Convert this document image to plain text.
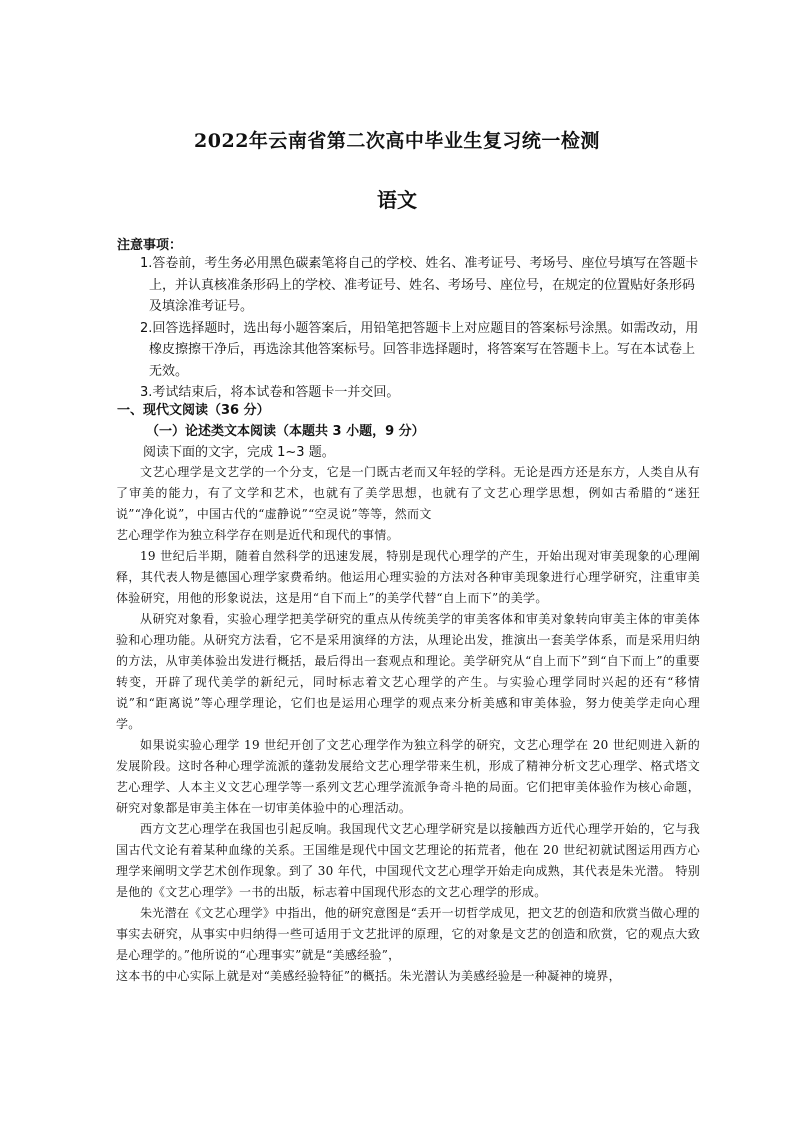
2022年云南省第二次高中毕业生复习统一检测
语文
注意事项：
1.答卷前，考生务必用黑色碳素笔将自己的学校、姓名、准考证号、考场号、座位号填写在答题卡上，并认真核准条形码上的学校、准考证号、姓名、考场号、座位号，在规定的位置贴好条形码及填涂准考证号。
2.回答选择题时，选出每小题答案后，用铅笔把答题卡上对应题目的答案标号涂黑。如需改动，用橡皮擦擦干净后，再选涂其他答案标号。回答非选择题时，将答案写在答题卡上。写在本试卷上无效。
3.考试结束后，将本试卷和答题卡一并交回。
一、现代文阅读（36 分）
（一）论述类文本阅读（本题共 3 小题，9 分）
阅读下面的文字，完成 1~3 题。

文艺心理学是文艺学的一个分支，它是一门既古老而又年轻的学科。无论是西方还是东方，人类自从有了审美的能力，有了文学和艺术，也就有了美学思想，也就有了文艺心理学思想，例如古希腊的“迷狂说”“净化说”，中国古代的“虚静说”“空灵说”等等，然而文

艺心理学作为独立科学存在则是近代和现代的事情。

19 世纪后半期，随着自然科学的迅速发展，特别是现代心理学的产生，开始出现对审美现象的心理阐释，其代表人物是德国心理学家费希纳。他运用心理实验的方法对各种审美现象进行心理学研究，注重审美体验研究，用他的形象说法，这是用“自下而上”的美学代替“自上而下”的美学。

从研究对象看，实验心理学把美学研究的重点从传统美学的审美客体和审美对象转向审美主体的审美体验和心理功能。从研究方法看，它不是采用演绎的方法，从理论出发，推演出一套美学体系，而是采用归纳的方法，从审美体验出发进行概括，最后得出一套观点和理论。美学研究从“自上而下”到“自下而上”的重要转变，开辟了现代美学的新纪元，同时标志着文艺心理学的产生。与实验心理学同时兴起的还有“移情说”和“距离说”等心理学理论，它们也是运用心理学的观点来分析美感和审美体验，努力使美学走向心理学。

如果说实验心理学 19 世纪开创了文艺心理学作为独立科学的研究，文艺心理学在 20 世纪则进入新的发展阶段。这时各种心理学流派的蓬勃发展给文艺心理学带来生机，形成了精神分析文艺心理学、格式塔文艺心理学、人本主义文艺心理学等一系列文艺心理学流派争奇斗艳的局面。它们把审美体验作为核心命题，研究对象都是审美主体在一切审美体验中的心理活动。

西方文艺心理学在我国也引起反响。我国现代文艺心理学研究是以接触西方近代心理学开始的，它与我国古代文论有着某种血缘的关系。王国维是现代中国文艺理论的拓荒者，他在 20 世纪初就试图运用西方心理学来阐明文学艺术创作现象。到了 30 年代，中国现代文艺心理学开始走向成熟，其代表是朱光潜。 特别是他的《文艺心理学》一书的出版，标志着中国现代形态的文艺心理学的形成。

朱光潜在《文艺心理学》中指出，他的研究意图是“丢开一切哲学成见，把文艺的创造和欣赏当做心理的事实去研究，从事实中归纳得一些可适用于文艺批评的原理，它的对象是文艺的创造和欣赏，它的观点大致是心理学的。”他所说的“心理事实”就是“美感经验”，

这本书的中心实际上就是对“美感经验特征”的概括。朱光潜认为美感经验是一种凝神的境界，
